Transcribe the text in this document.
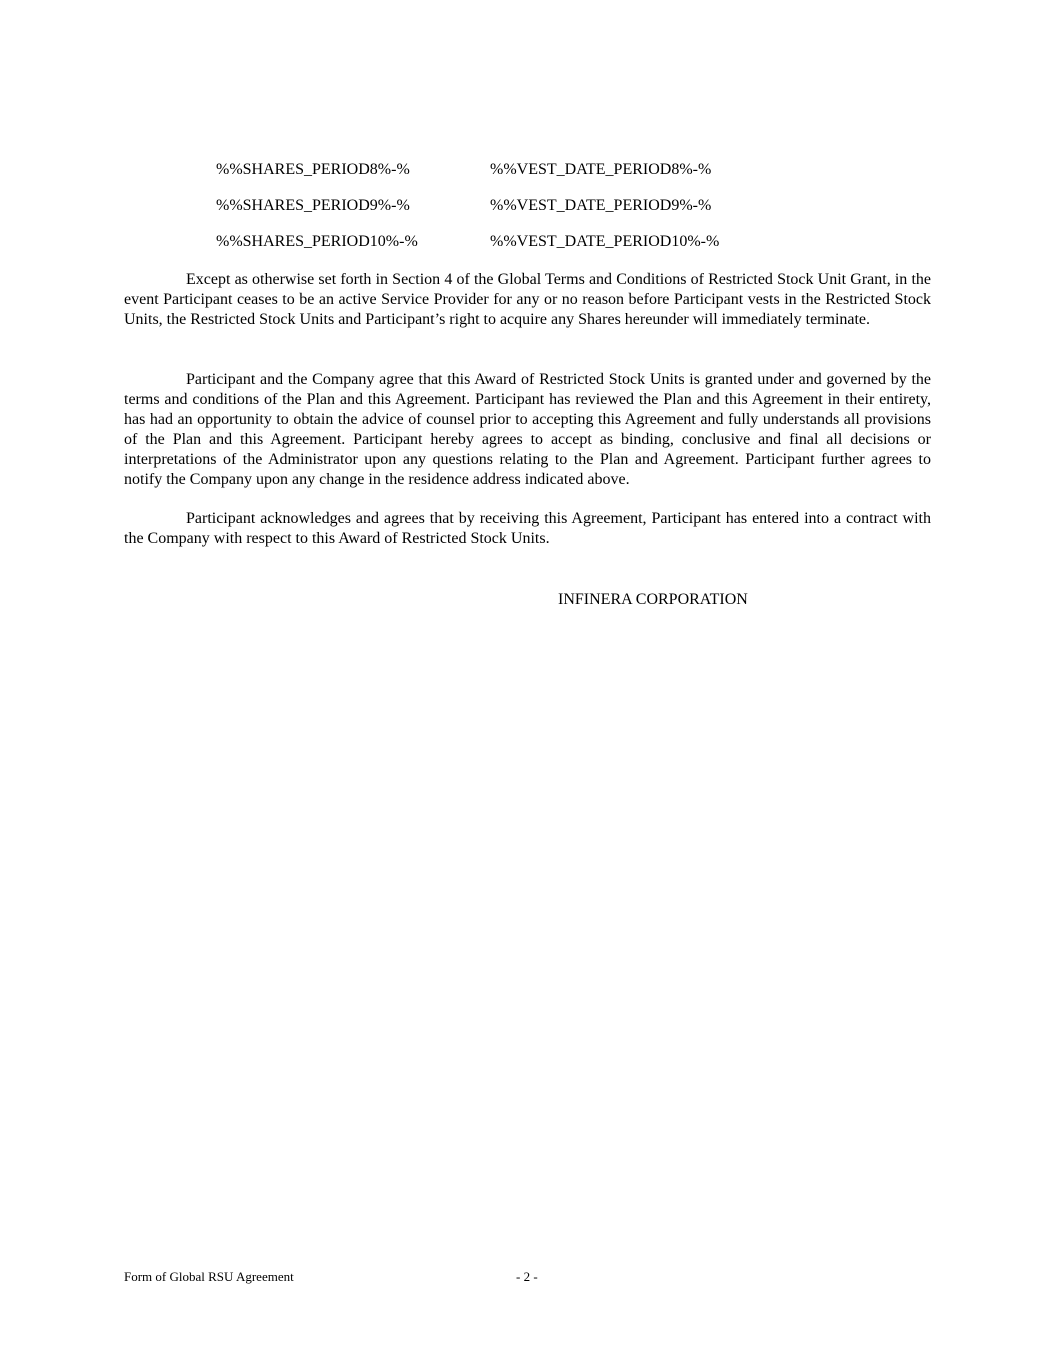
%%SHARES_PERIOD8%-%	%%VEST_DATE_PERIOD8%-%
%%SHARES_PERIOD9%-%	%%VEST_DATE_PERIOD9%-%
%%SHARES_PERIOD10%-%	%%VEST_DATE_PERIOD10%-%

Except as otherwise set forth in Section 4 of the Global Terms and Conditions of Restricted Stock Unit Grant, in the event Participant ceases to be an active Service Provider for any or no reason before Participant vests in the Restricted Stock Units, the Restricted Stock Units and Participant’s right to acquire any Shares hereunder will immediately terminate.

Participant and the Company agree that this Award of Restricted Stock Units is granted under and governed by the terms and conditions of the Plan and this Agreement. Participant has reviewed the Plan and this Agreement in their entirety, has had an opportunity to obtain the advice of counsel prior to accepting this Agreement and fully understands all provisions of the Plan and this Agreement. Participant hereby agrees to accept as binding, conclusive and final all decisions or interpretations of the Administrator upon any questions relating to the Plan and Agreement. Participant further agrees to notify the Company upon any change in the residence address indicated above.

Participant acknowledges and agrees that by receiving this Agreement, Participant has entered into a contract with the Company with respect to this Award of Restricted Stock Units.

INFINERA CORPORATION
Form of Global RSU Agreement	- 2 -
